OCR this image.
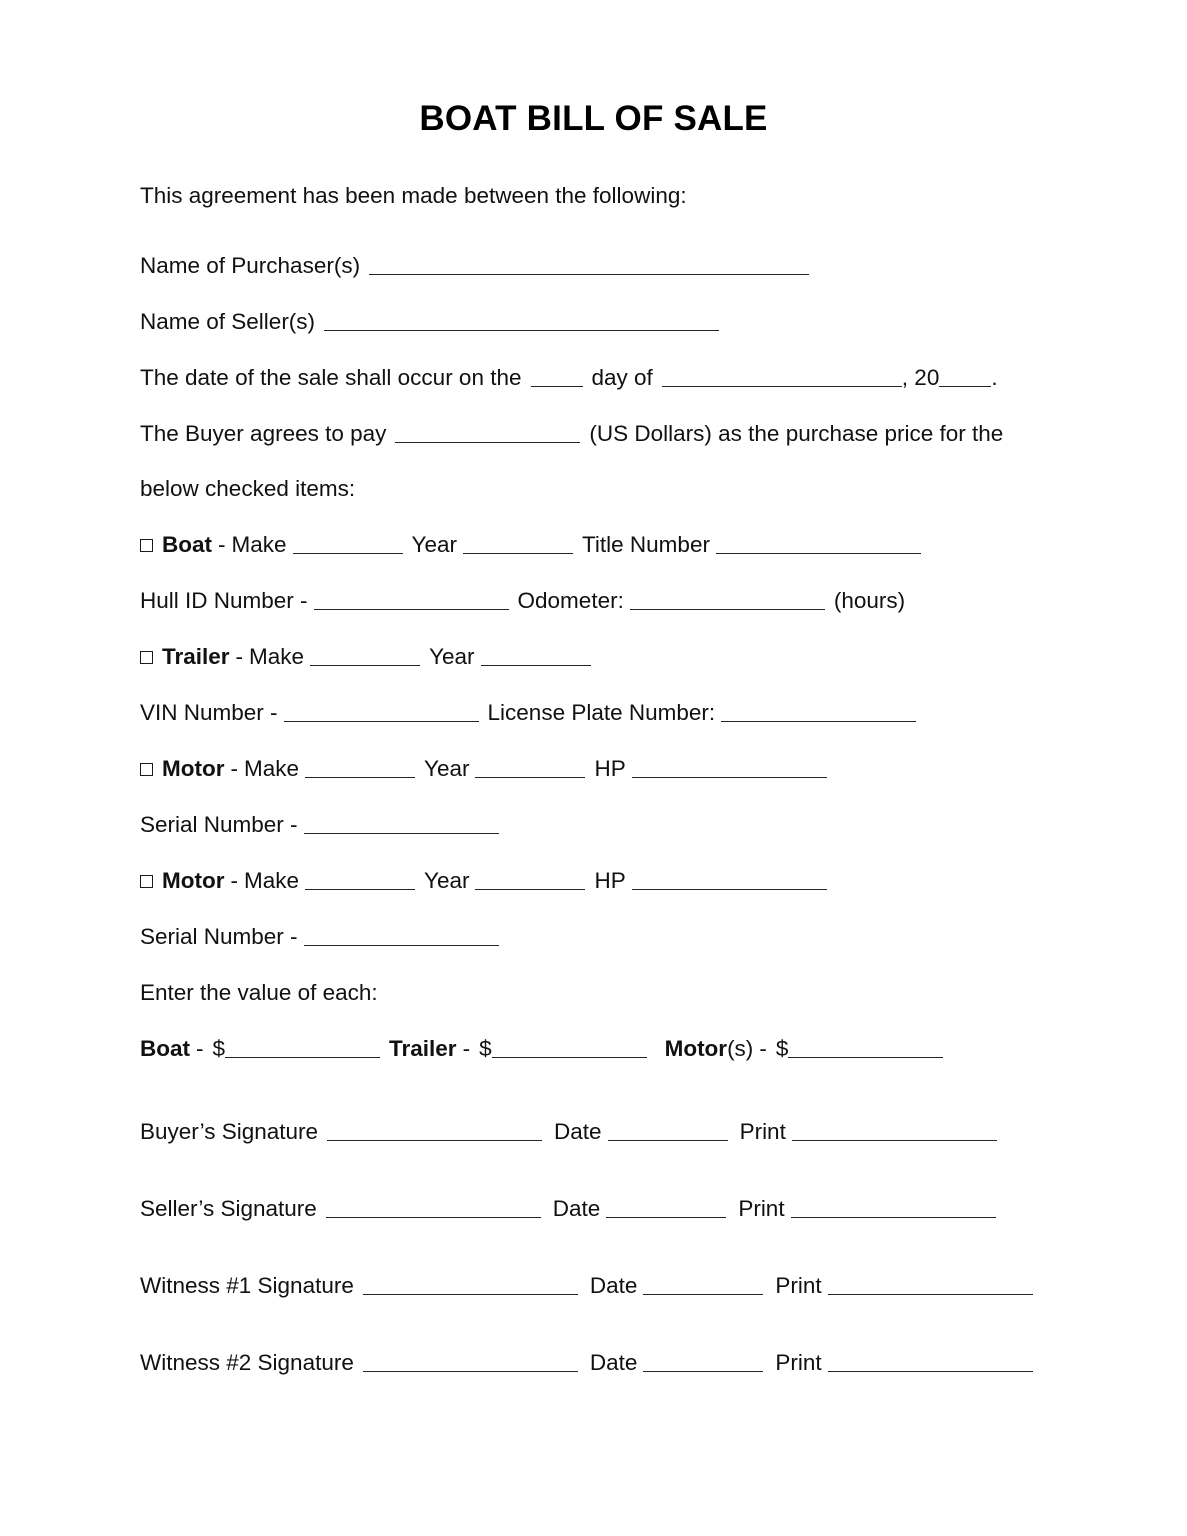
BOAT BILL OF SALE
This agreement has been made between the following:
Name of Purchaser(s)
Name of Seller(s)
The date of the sale shall occur on the	day of	, 20 .
The Buyer agrees to pay	(US Dollars) as the purchase price for the
below checked items:
Boat - Make	Year	Title Number
Hull ID Number -	Odometer:	(hours)
Trailer - Make	Year
VIN Number -	License Plate Number:
Motor - Make	Year	HP
Serial Number -
Motor - Make	Year	HP
Serial Number -
Enter the value of each:
Boat - $	Trailer - $	Motor(s) - $
Buyer’s Signature	Date	Print
Seller’s Signature	Date	Print
Witness #1 Signature	Date	Print
Witness #2 Signature	Date	Print
